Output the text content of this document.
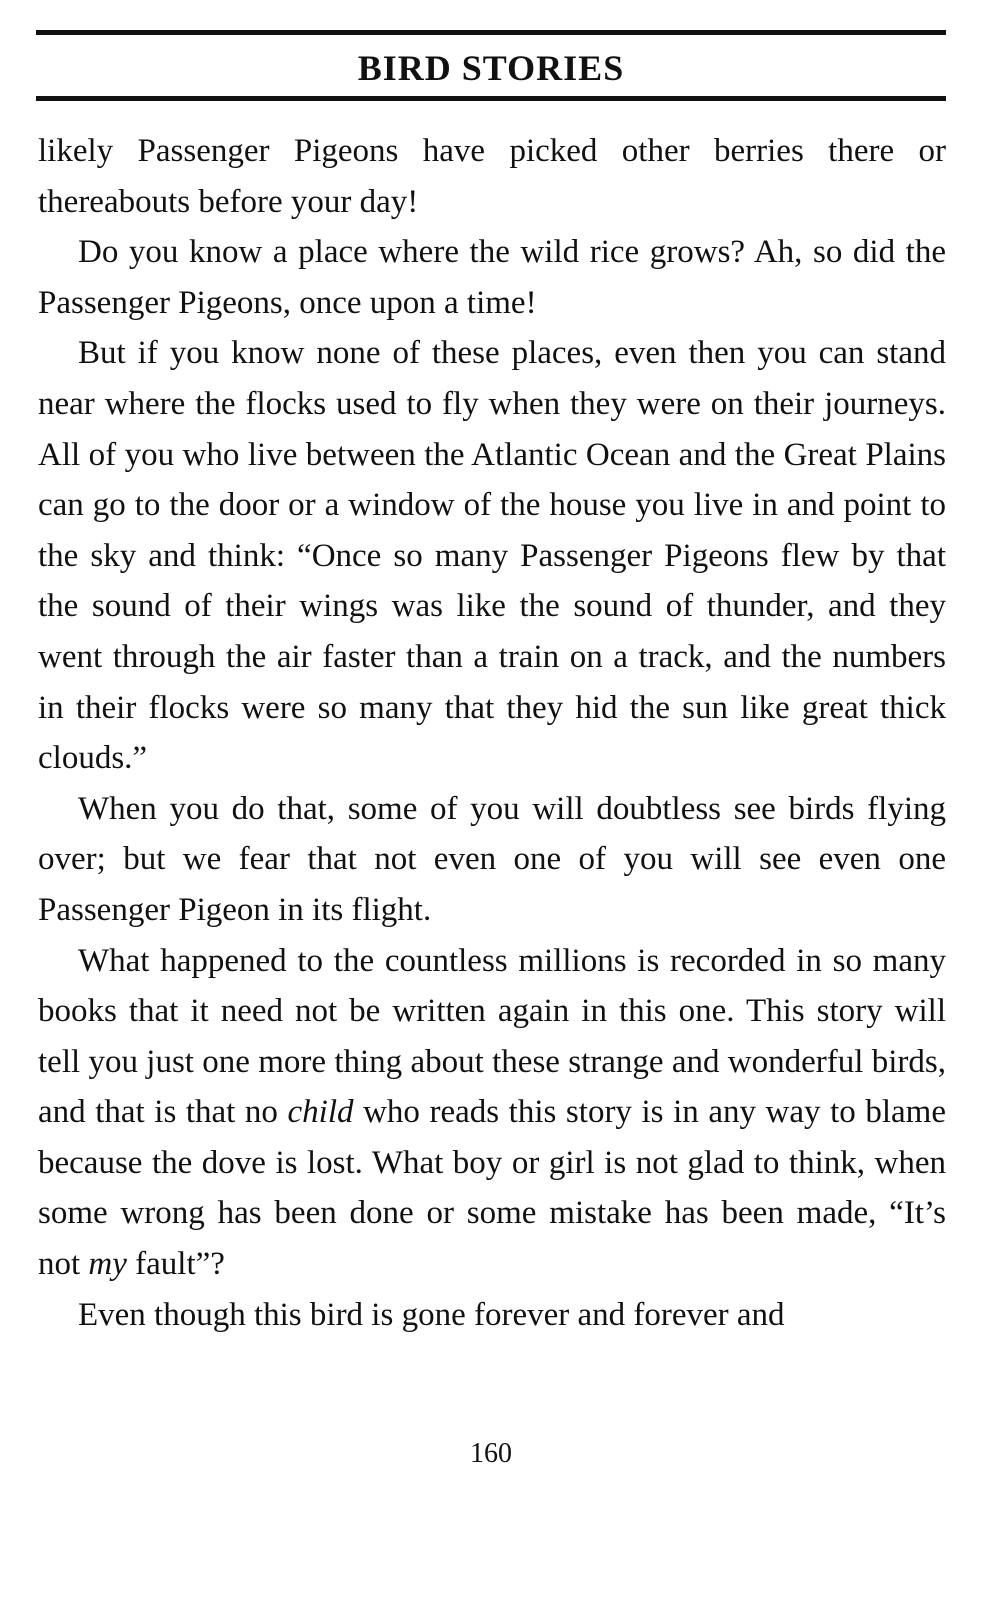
BIRD STORIES

likely Passenger Pigeons have picked other berries there or thereabouts before your day!

Do you know a place where the wild rice grows? Ah, so did the Passenger Pigeons, once upon a time!

But if you know none of these places, even then you can stand near where the flocks used to fly when they were on their journeys. All of you who live between the Atlantic Ocean and the Great Plains can go to the door or a window of the house you live in and point to the sky and think: “Once so many Passenger Pigeons flew by that the sound of their wings was like the sound of thunder, and they went through the air faster than a train on a track, and the numbers in their flocks were so many that they hid the sun like great thick clouds.”

When you do that, some of you will doubtless see birds flying over; but we fear that not even one of you will see even one Passenger Pigeon in its flight.

What happened to the countless millions is recorded in so many books that it need not be written again in this one. This story will tell you just one more thing about these strange and wonderful birds, and that is that no child who reads this story is in any way to blame because the dove is lost. What boy or girl is not glad to think, when some wrong has been done or some mistake has been made, “It’s not my fault”?

Even though this bird is gone forever and forever and

160
